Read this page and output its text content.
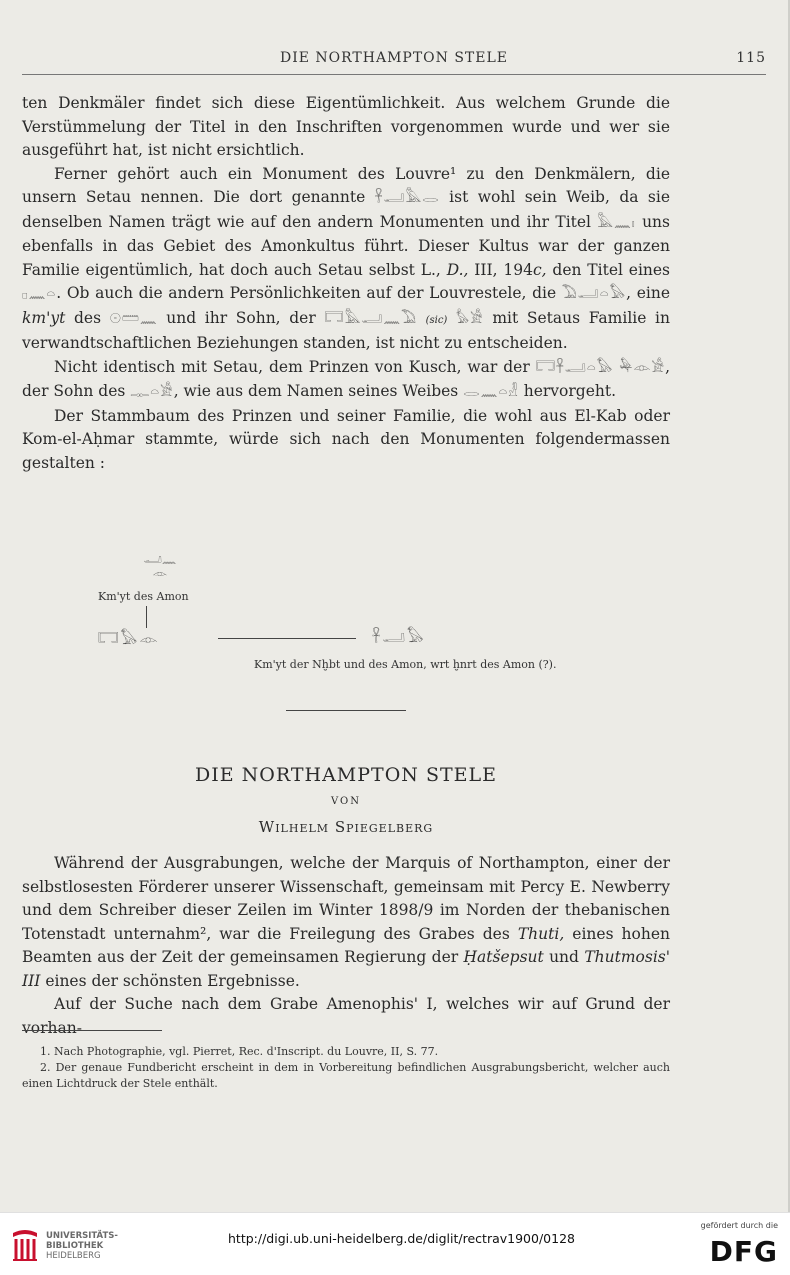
DIE NORTHAMPTON STELE	115

ten Denkmäler findet sich diese Eigentümlichkeit. Aus welchem Grunde die Verstümmelung der Titel in den Inschriften vorgenommen wurde und wer sie ausgeführt hat, ist nicht ersichtlich.

Ferner gehört auch ein Monument des Louvre¹ zu den Denkmälern, die unsern Setau nennen. Die dort genannte 𓋹𓂝𓅓𓂋 ist wohl sein Weib, da sie denselben Namen trägt wie auf den andern Monumenten und ihr Titel 𓅓𓈖𓏤 uns ebenfalls in das Gebiet des Amonkultus führt. Dieser Kultus war der ganzen Familie eigentümlich, hat doch auch Setau selbst L., D., III, 194c, den Titel eines 𓊪𓈖𓏏. Ob auch die andern Persönlichkeiten auf der Louvrestele, die 𓅐𓂝𓏏𓅃, eine km'yt des 𓇳𓏠𓈖 und ihr Sohn, der 𓉐𓅓𓂝𓈖𓅐 (sic) 𓅊𓀀 mit Setaus Familie in verwandtschaftlichen Beziehungen standen, ist nicht zu entscheiden.

Nicht identisch mit Setau, dem Prinzen von Kusch, war der 𓉐𓋹𓂝𓏏𓅃 𓅆𓁹𓀀, der Sohn des 𓊃𓏏𓀀, wie aus dem Namen seines Weibes 𓂋𓈖𓏏𓁐 hervorgeht.

Der Stammbaum des Prinzen und seiner Familie, die wohl aus El-Kab oder Kom-el-Aḥmar stammte, würde sich nach den Monumenten folgendermassen gestalten :

𓂝𓈖
𓁹
Km'yt des Amon
𓉐𓅃𓁹	𓋹𓂝𓅃
Km'yt der Nḫbt und des Amon, wrt ḫnrt des Amon (?).
DIE NORTHAMPTON STELE
VON
Wilhelm Spiegelberg

Während der Ausgrabungen, welche der Marquis of Northampton, einer der selbstlosesten Förderer unserer Wissenschaft, gemeinsam mit Percy E. Newberry und dem Schreiber dieser Zeilen im Winter 1898/9 im Norden der thebanischen Totenstadt unternahm², war die Freilegung des Grabes des Thuti, eines hohen Beamten aus der Zeit der gemeinsamen Regierung der Ḥatšepsut und Thutmosis' III eines der schönsten Ergebnisse.

Auf der Suche nach dem Grabe Amenophis' I, welches wir auf Grund der vorhan-

1. Nach Photographie, vgl. Pierret, Rec. d'Inscript. du Louvre, II, S. 77.

2. Der genaue Fundbericht erscheint in dem in Vorbereitung befindlichen Ausgrabungsbericht, welcher auch einen Lichtdruck der Stele enthält.

UNIVERSITÄTS-
BIBLIOTHEK
HEIDELBERG
http://digi.ub.uni-heidelberg.de/diglit/rectrav1900/0128
gefördert durch die
DFG
